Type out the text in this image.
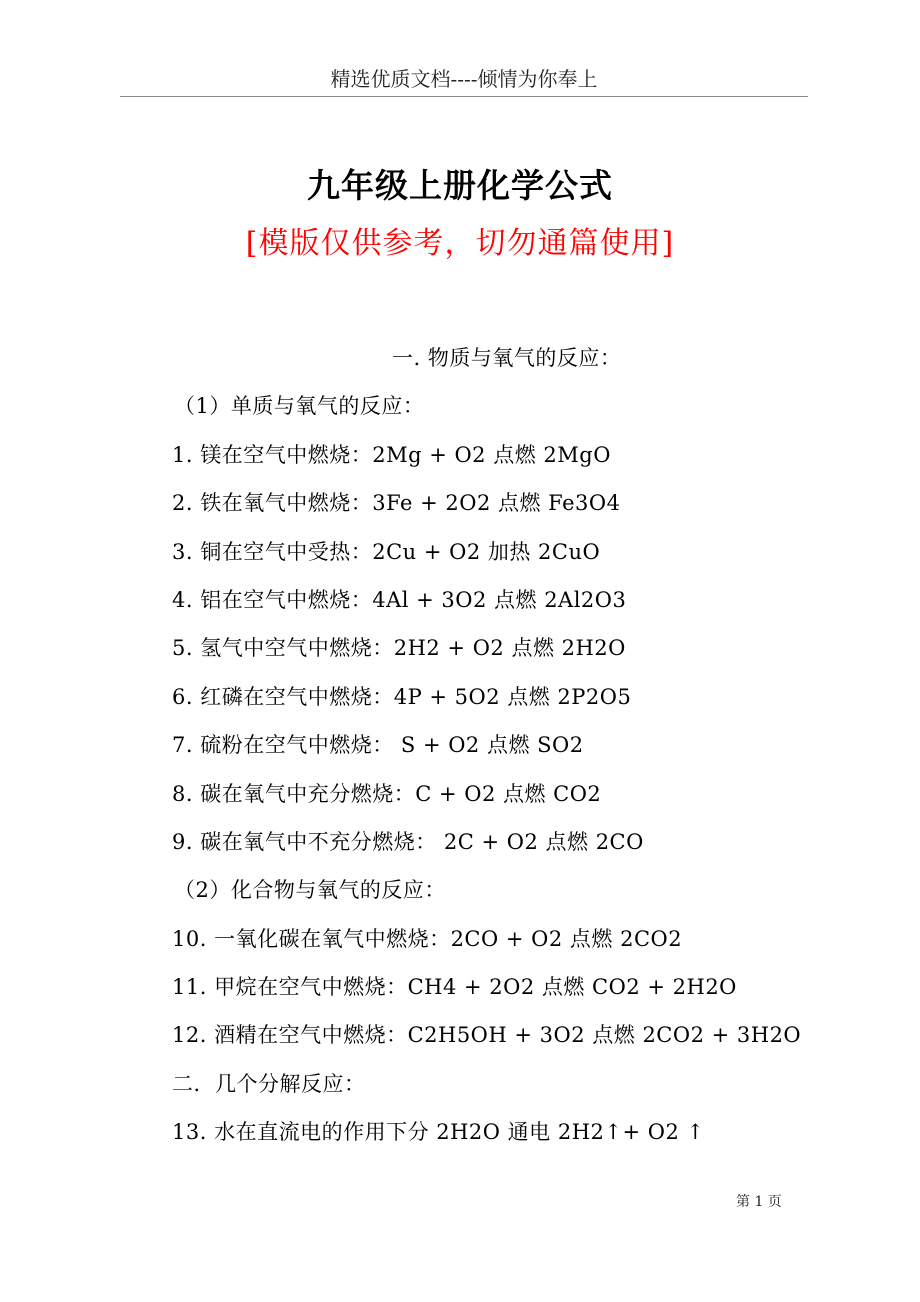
精选优质文档----倾情为你奉上
九年级上册化学公式
[模版仅供参考，切勿通篇使用]
一. 物质与氧气的反应：
（1）单质与氧气的反应：
1. 镁在空气中燃烧：2Mg + O2 点燃 2MgO
2. 铁在氧气中燃烧：3Fe + 2O2 点燃 Fe3O4
3. 铜在空气中受热：2Cu + O2 加热 2CuO
4. 铝在空气中燃烧：4Al + 3O2 点燃 2Al2O3
5. 氢气中空气中燃烧：2H2 + O2 点燃 2H2O
6. 红磷在空气中燃烧：4P + 5O2 点燃 2P2O5
7. 硫粉在空气中燃烧： S + O2 点燃 SO2
8. 碳在氧气中充分燃烧：C + O2 点燃 CO2
9. 碳在氧气中不充分燃烧： 2C + O2 点燃 2CO
（2）化合物与氧气的反应：
10. 一氧化碳在氧气中燃烧：2CO + O2 点燃 2CO2
11. 甲烷在空气中燃烧：CH4 + 2O2 点燃 CO2 + 2H2O
12. 酒精在空气中燃烧：C2H5OH + 3O2 点燃 2CO2 + 3H2O
二．几个分解反应：
13. 水在直流电的作用下分 2H2O 通电 2H2↑+ O2 ↑
第 1 页
